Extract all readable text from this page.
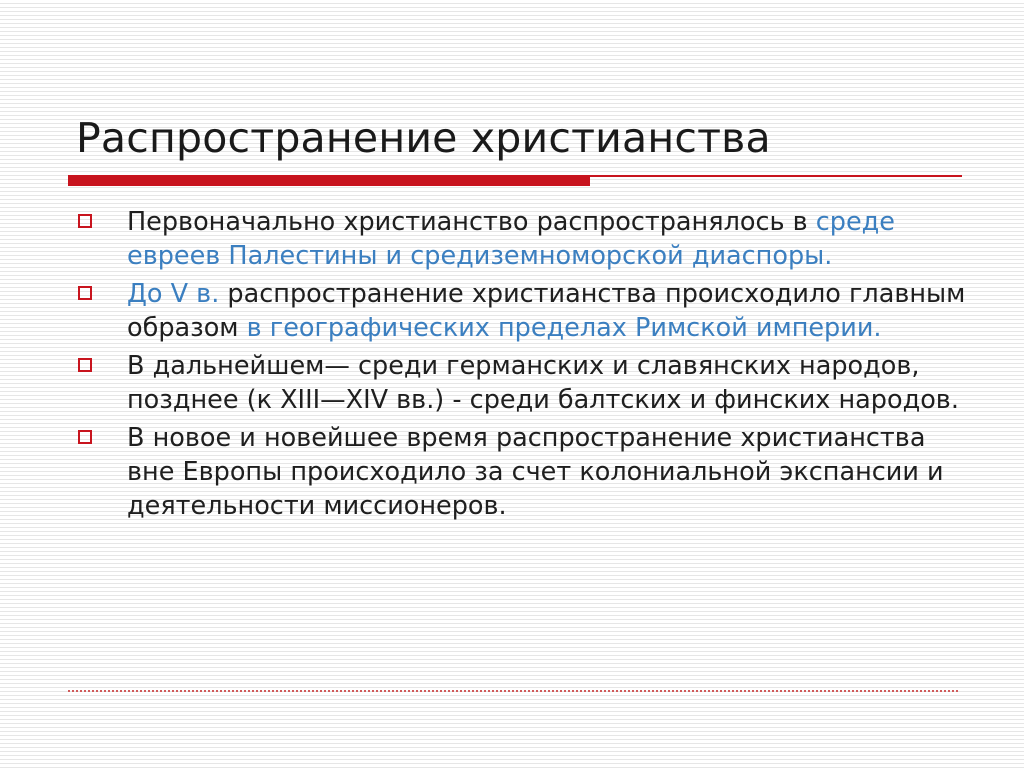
Распространение христианства
Первоначально христианство распространялось в среде евреев Палестины и средиземноморской диаспоры.
До V в. распространение христианства происходило главным образом в географических пределах Римской империи.
В дальнейшем— среди германских и славянских народов, позднее (к XIII—XIV вв.) - среди балтских и финских народов.
В новое и новейшее время распространение христианства вне Европы происходило за счет колониальной экспансии и деятельности миссионеров.
